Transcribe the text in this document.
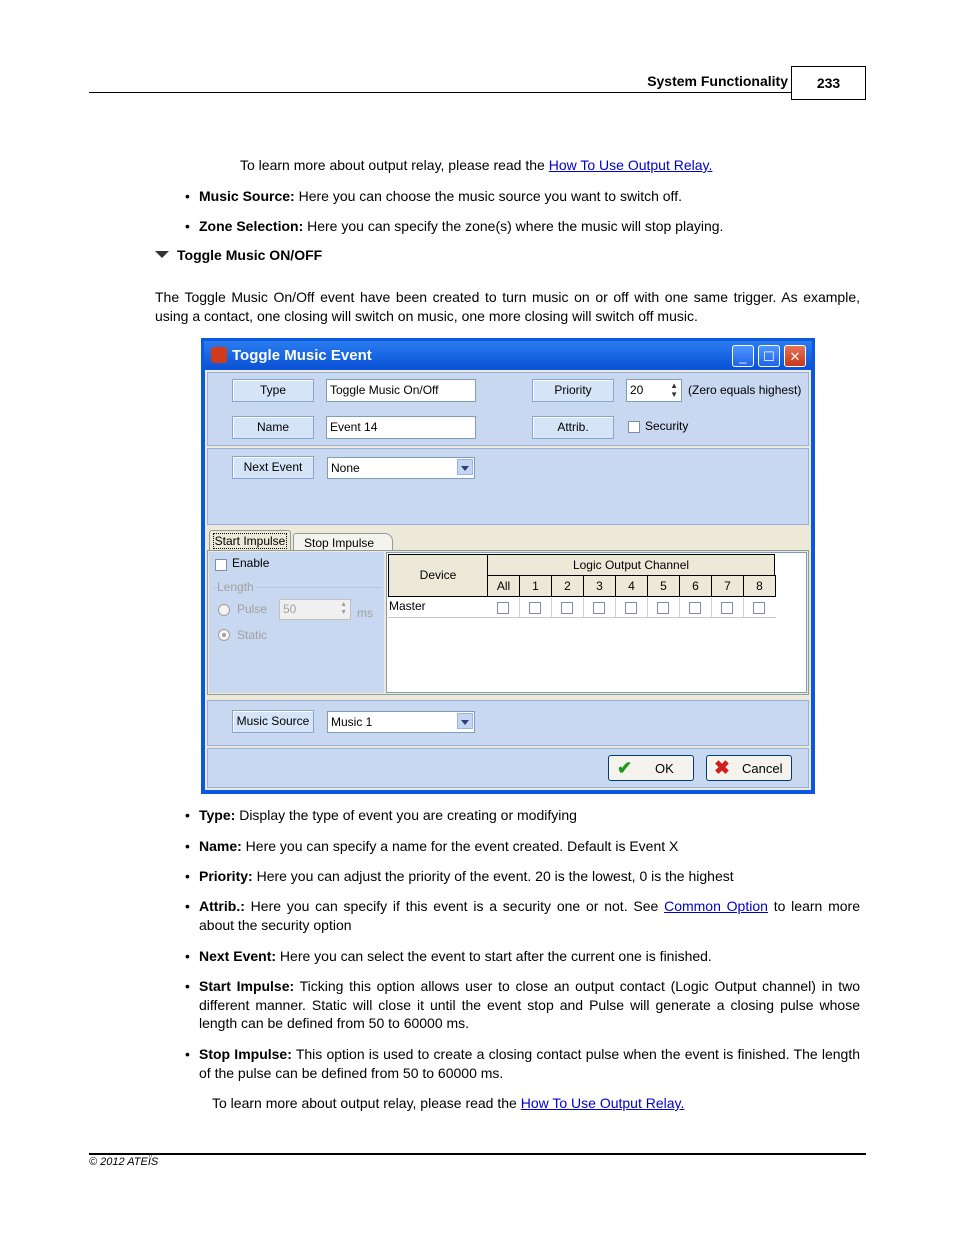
System Functionality	233
To learn more about output relay, please read the How To Use Output Relay.
• Music Source: Here you can choose the music source you want to switch off.
• Zone Selection: Here you can specify the zone(s) where the music will stop playing.
Toggle Music ON/OFF
The Toggle Music On/Off event have been created to turn music on or off with one same trigger. As example, using a contact, one closing will switch on music, one more closing will switch off music.
Toggle Music Event	_	☐	✕
Type	Toggle Music On/Off	Priority	20	▲
▼ (Zero equals highest)
Name	Event 14	Attrib.	Security
Next Event	None
Start Impulse	Stop Impulse
Enable
Length
Pulse	50	▲
▼ ms
Static
Device
Logic Output Channel
All	1	2	3	4	5	6	7	8
Master
Music Source	Music 1
✔ OK ✖ Cancel
• Type: Display the type of event you are creating or modifying
• Name: Here you can specify a name for the event created. Default is Event X
• Priority: Here you can adjust the priority of the event. 20 is the lowest, 0 is the highest
• Attrib.: Here you can specify if this event is a security one or not. See Common Option to learn more about the security option
• Next Event: Here you can select the event to start after the current one is finished.
• Start Impulse: Ticking this option allows user to close an output contact (Logic Output channel) in two different manner. Static will close it until the event stop and Pulse will generate a closing pulse whose length can be defined from 50 to 60000 ms.
• Stop Impulse: This option is used to create a closing contact pulse when the event is finished. The length of the pulse can be defined from 50 to 60000 ms.
To learn more about output relay, please read the How To Use Output Relay.
© 2012 ATEÏS
